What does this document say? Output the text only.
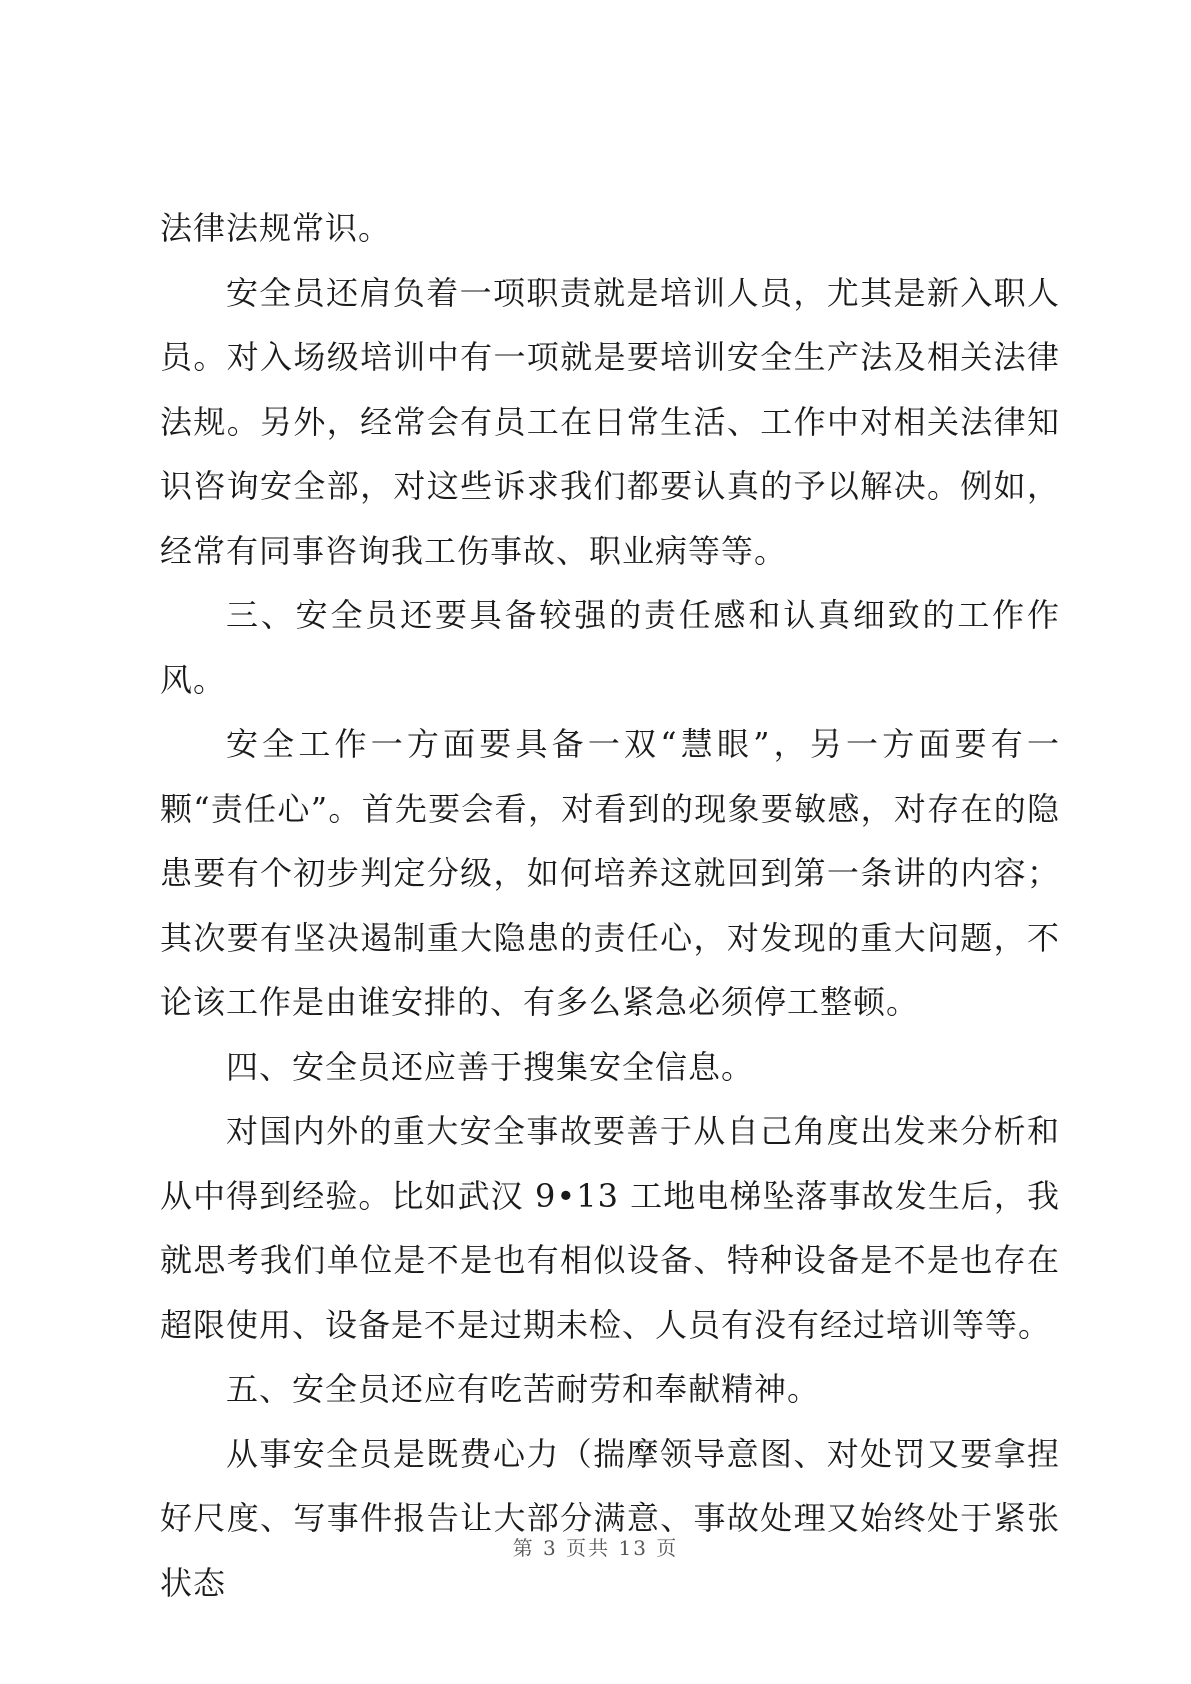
法律法规常识。

安全员还肩负着一项职责就是培训人员，尤其是新入职人员。对入场级培训中有一项就是要培训安全生产法及相关法律法规。另外，经常会有员工在日常生活、工作中对相关法律知识咨询安全部，对这些诉求我们都要认真的予以解决。例如，经常有同事咨询我工伤事故、职业病等等。

三、安全员还要具备较强的责任感和认真细致的工作作风。

安全工作一方面要具备一双“慧眼”，另一方面要有一颗“责任心”。首先要会看，对看到的现象要敏感，对存在的隐患要有个初步判定分级，如何培养这就回到第一条讲的内容；其次要有坚决遏制重大隐患的责任心，对发现的重大问题，不论该工作是由谁安排的、有多么紧急必须停工整顿。

四、安全员还应善于搜集安全信息。

对国内外的重大安全事故要善于从自己角度出发来分析和从中得到经验。比如武汉 9•13 工地电梯坠落事故发生后，我就思考我们单位是不是也有相似设备、特种设备是不是也存在超限使用、设备是不是过期未检、人员有没有经过培训等等。

五、安全员还应有吃苦耐劳和奉献精神。

从事安全员是既费心力（揣摩领导意图、对处罚又要拿捏好尺度、写事件报告让大部分满意、事故处理又始终处于紧张状态

第 3 页共 13 页
